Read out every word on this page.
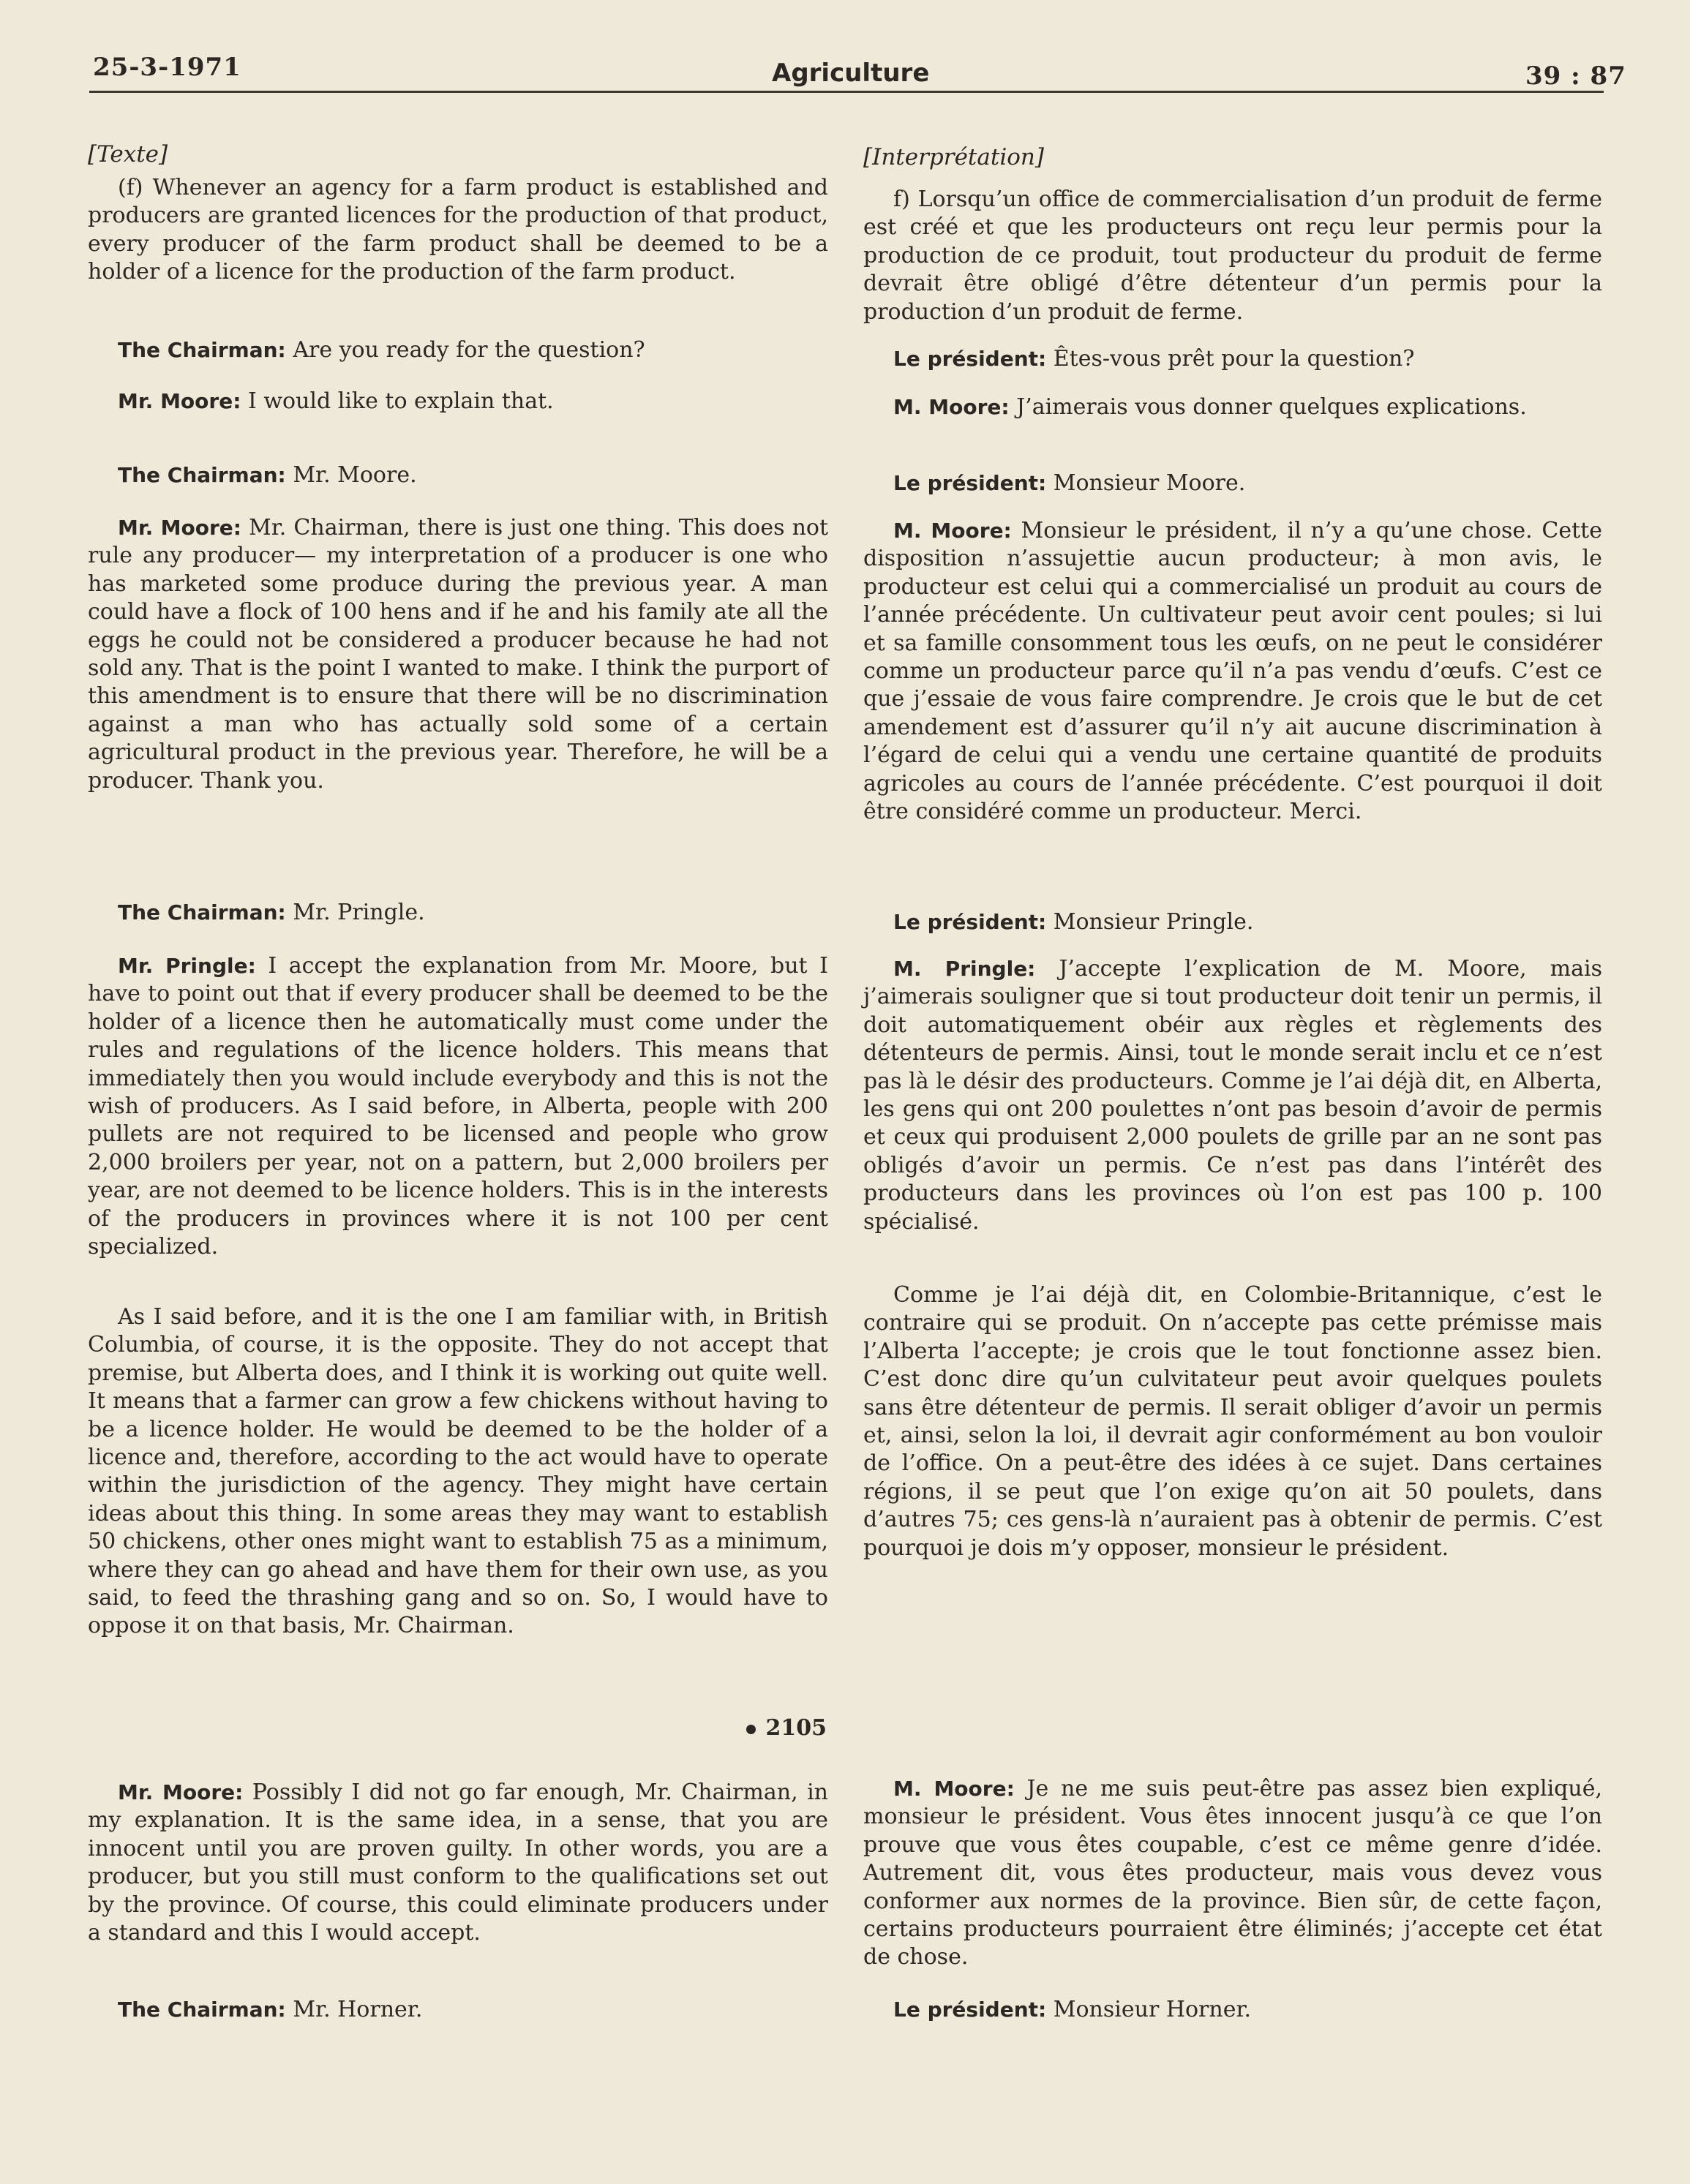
25-3-1971	Agriculture	39 : 87

[Texte]

(f) Whenever an agency for a farm product is established and producers are granted licences for the production of that product, every producer of the farm product shall be deemed to be a holder of a licence for the production of the farm product.

The Chairman: Are you ready for the question?

Mr. Moore: I would like to explain that.

The Chairman: Mr. Moore.

Mr. Moore: Mr. Chairman, there is just one thing. This does not rule any producer— my interpretation of a producer is one who has marketed some produce during the previous year. A man could have a flock of 100 hens and if he and his family ate all the eggs he could not be considered a producer because he had not sold any. That is the point I wanted to make. I think the purport of this amendment is to ensure that there will be no discrimination against a man who has actually sold some of a certain agricultural product in the previous year. Therefore, he will be a producer. Thank you.

The Chairman: Mr. Pringle.

Mr. Pringle: I accept the explanation from Mr. Moore, but I have to point out that if every producer shall be deemed to be the holder of a licence then he automatically must come under the rules and regulations of the licence holders. This means that immediately then you would include everybody and this is not the wish of producers. As I said before, in Alberta, people with 200 pullets are not required to be licensed and people who grow 2,000 broilers per year, not on a pattern, but 2,000 broilers per year, are not deemed to be licence holders. This is in the interests of the producers in provinces where it is not 100 per cent specialized.

As I said before, and it is the one I am familiar with, in British Columbia, of course, it is the opposite. They do not accept that premise, but Alberta does, and I think it is working out quite well. It means that a farmer can grow a few chickens without having to be a licence holder. He would be deemed to be the holder of a licence and, therefore, according to the act would have to operate within the jurisdiction of the agency. They might have certain ideas about this thing. In some areas they may want to establish 50 chickens, other ones might want to establish 75 as a minimum, where they can go ahead and have them for their own use, as you said, to feed the thrashing gang and so on. So, I would have to oppose it on that basis, Mr. Chairman.

2105

Mr. Moore: Possibly I did not go far enough, Mr. Chairman, in my explanation. It is the same idea, in a sense, that you are innocent until you are proven guilty. In other words, you are a producer, but you still must conform to the qualifications set out by the province. Of course, this could eliminate producers under a standard and this I would accept.

The Chairman: Mr. Horner.

[Interprétation]

f) Lorsqu’un office de commercialisation d’un produit de ferme est créé et que les producteurs ont reçu leur permis pour la production de ce produit, tout producteur du produit de ferme devrait être obligé d’être détenteur d’un permis pour la production d’un produit de ferme.

Le président: Êtes-vous prêt pour la question?

M. Moore: J’aimerais vous donner quelques explications.

Le président: Monsieur Moore.

M. Moore: Monsieur le président, il n’y a qu’une chose. Cette disposition n’assujettie aucun producteur; à mon avis, le producteur est celui qui a commercialisé un produit au cours de l’année précédente. Un cultivateur peut avoir cent poules; si lui et sa famille consomment tous les œufs, on ne peut le considérer comme un producteur parce qu’il n’a pas vendu d’œufs. C’est ce que j’essaie de vous faire comprendre. Je crois que le but de cet amendement est d’assurer qu’il n’y ait aucune discrimination à l’égard de celui qui a vendu une certaine quantité de produits agricoles au cours de l’année précédente. C’est pourquoi il doit être considéré comme un producteur. Merci.

Le président: Monsieur Pringle.

M. Pringle: J’accepte l’explication de M. Moore, mais j’aimerais souligner que si tout producteur doit tenir un permis, il doit automatiquement obéir aux règles et règlements des détenteurs de permis. Ainsi, tout le monde serait inclu et ce n’est pas là le désir des producteurs. Comme je l’ai déjà dit, en Alberta, les gens qui ont 200 poulettes n’ont pas besoin d’avoir de permis et ceux qui produisent 2,000 poulets de grille par an ne sont pas obligés d’avoir un permis. Ce n’est pas dans l’intérêt des producteurs dans les provinces où l’on est pas 100 p. 100 spécialisé.

Comme je l’ai déjà dit, en Colombie-Britannique, c’est le contraire qui se produit. On n’accepte pas cette prémisse mais l’Alberta l’accepte; je crois que le tout fonctionne assez bien. C’est donc dire qu’un culvitateur peut avoir quelques poulets sans être détenteur de permis. Il serait obliger d’avoir un permis et, ainsi, selon la loi, il devrait agir conformément au bon vouloir de l’office. On a peut-être des idées à ce sujet. Dans certaines régions, il se peut que l’on exige qu’on ait 50 poulets, dans d’autres 75; ces gens-là n’auraient pas à obtenir de permis. C’est pourquoi je dois m’y opposer, monsieur le président.

M. Moore: Je ne me suis peut-être pas assez bien expliqué, monsieur le président. Vous êtes innocent jusqu’à ce que l’on prouve que vous êtes coupable, c’est ce même genre d’idée. Autrement dit, vous êtes producteur, mais vous devez vous conformer aux normes de la province. Bien sûr, de cette façon, certains producteurs pourraient être éliminés; j’accepte cet état de chose.

Le président: Monsieur Horner.
